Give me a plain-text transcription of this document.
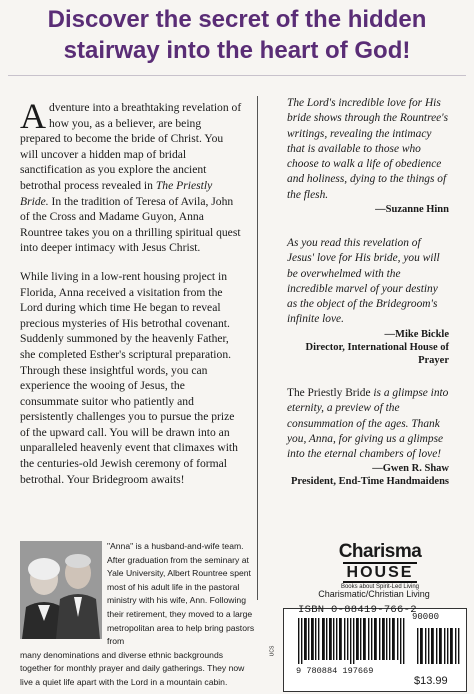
Discover the secret of the hidden
stairway into the heart of God!

Adventure into a breathtaking revelation of how you, as a believer, are being prepared to become the bride of Christ. You will uncover a hidden map of bridal sanctification as you explore the ancient betrothal process revealed in The Priestly Bride. In the tradition of Teresa of Avila, John of the Cross and Madame Guyon, Anna Rountree takes you on a thrilling spiritual quest into deeper intimacy with Jesus Christ.

While living in a low-rent housing project in Florida, Anna received a visitation from the Lord during which time He began to reveal precious mysteries of His betrothal covenant. Suddenly summoned by the heavenly Father, she completed Esther's scriptural preparation. Through these insightful words, you can experience the wooing of Jesus, the consummate suitor who patiently and persistently challenges you to pursue the prize of the upward call. You will be drawn into an unparalleled heavenly event that climaxes with the centuries-old Jewish ceremony of formal betrothal. Your Bridegroom awaits!

The Lord's incredible love for His bride shows through the Rountree's writings, revealing the intimacy that is available to those who choose to walk a life of obedience and holiness, dying to the things of the flesh.

—Suzanne Hinn

As you read this revelation of Jesus' love for His bride, you will be overwhelmed with the incredible marvel of your destiny as the object of the Bridegroom's infinite love.

—Mike Bickle
Director, International House of Prayer

The Priestly Bride is a glimpse into eternity, a preview of the consummation of the ages. Thank you, Anna, for giving us a glimpse into the eternal chambers of love!

—Gwen R. Shaw
President, End-Time Handmaidens
"Anna" is a husband-and-wife team. After graduation from the seminary at Yale University, Albert Rountree spent most of his adult life in the pastoral ministry with his wife, Ann. Following their retirement, they moved to a large metropolitan area to help bring pastors from
many denominations and diverse ethnic backgrounds together for monthly prayer and daily gatherings. They now live a quiet life apart with the Lord in a mountain cabin.
Charisma
HOUSE
Books about Spirit-Led Living
Charismatic/Christian Living
ISBN 0-88419-766-2
90000
9 780884 197669
$13.99
UCS
